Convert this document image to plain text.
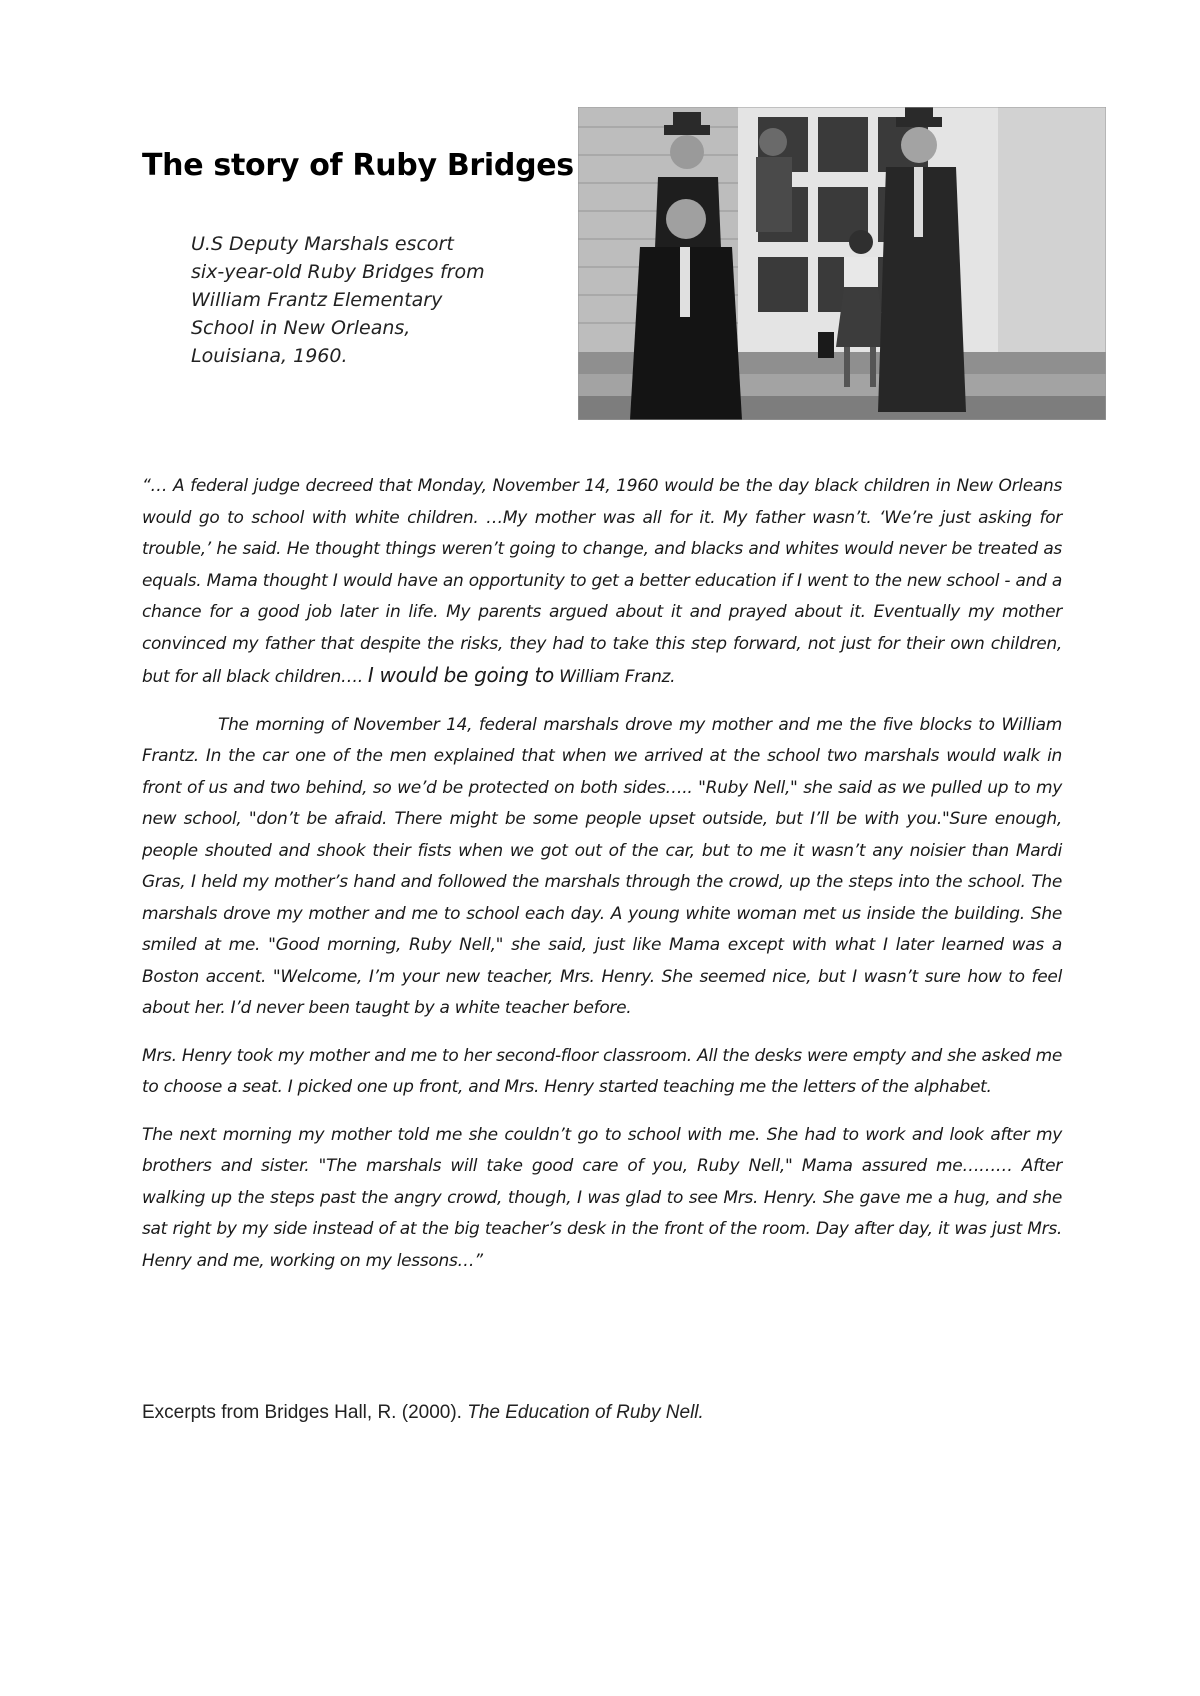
The story of Ruby Bridges

U.S Deputy Marshals escort six-year-old Ruby Bridges from William Frantz Elementary School in New Orleans, Louisiana, 1960.

“… A federal judge decreed that Monday, November 14, 1960 would be the day black children in New Orleans would go to school with white children. …My mother was all for it. My father wasn’t. ‘We’re just asking for trouble,’ he said. He thought things weren’t going to change, and blacks and whites would never be treated as equals. Mama thought I would have an opportunity to get a better education if I went to the new school - and a chance for a good job later in life. My parents argued about it and prayed about it. Eventually my mother convinced my father that despite the risks, they had to take this step forward, not just for their own children, but for all black children…. I would be going to William Franz.

The morning of November 14, federal marshals drove my mother and me the five blocks to William Frantz. In the car one of the men explained that when we arrived at the school two marshals would walk in front of us and two behind, so we’d be protected on both sides….. "Ruby Nell," she said as we pulled up to my new school, "don’t be afraid. There might be some people upset outside, but I’ll be with you."Sure enough, people shouted and shook their fists when we got out of the car, but to me it wasn’t any noisier than Mardi Gras, I held my mother’s hand and followed the marshals through the crowd, up the steps into the school. The marshals drove my mother and me to school each day. A young white woman met us inside the building. She smiled at me. "Good morning, Ruby Nell," she said, just like Mama except with what I later learned was a Boston accent. "Welcome, I’m your new teacher, Mrs. Henry. She seemed nice, but I wasn’t sure how to feel about her. I’d never been taught by a white teacher before.

Mrs. Henry took my mother and me to her second-floor classroom. All the desks were empty and she asked me to choose a seat. I picked one up front, and Mrs. Henry started teaching me the letters of the alphabet.

The next morning my mother told me she couldn’t go to school with me. She had to work and look after my brothers and sister. "The marshals will take good care of you, Ruby Nell," Mama assured me……… After walking up the steps past the angry crowd, though, I was glad to see Mrs. Henry. She gave me a hug, and she sat right by my side instead of at the big teacher’s desk in the front of the room. Day after day, it was just Mrs. Henry and me, working on my lessons…”

Excerpts from Bridges Hall, R. (2000). The Education of Ruby Nell.
